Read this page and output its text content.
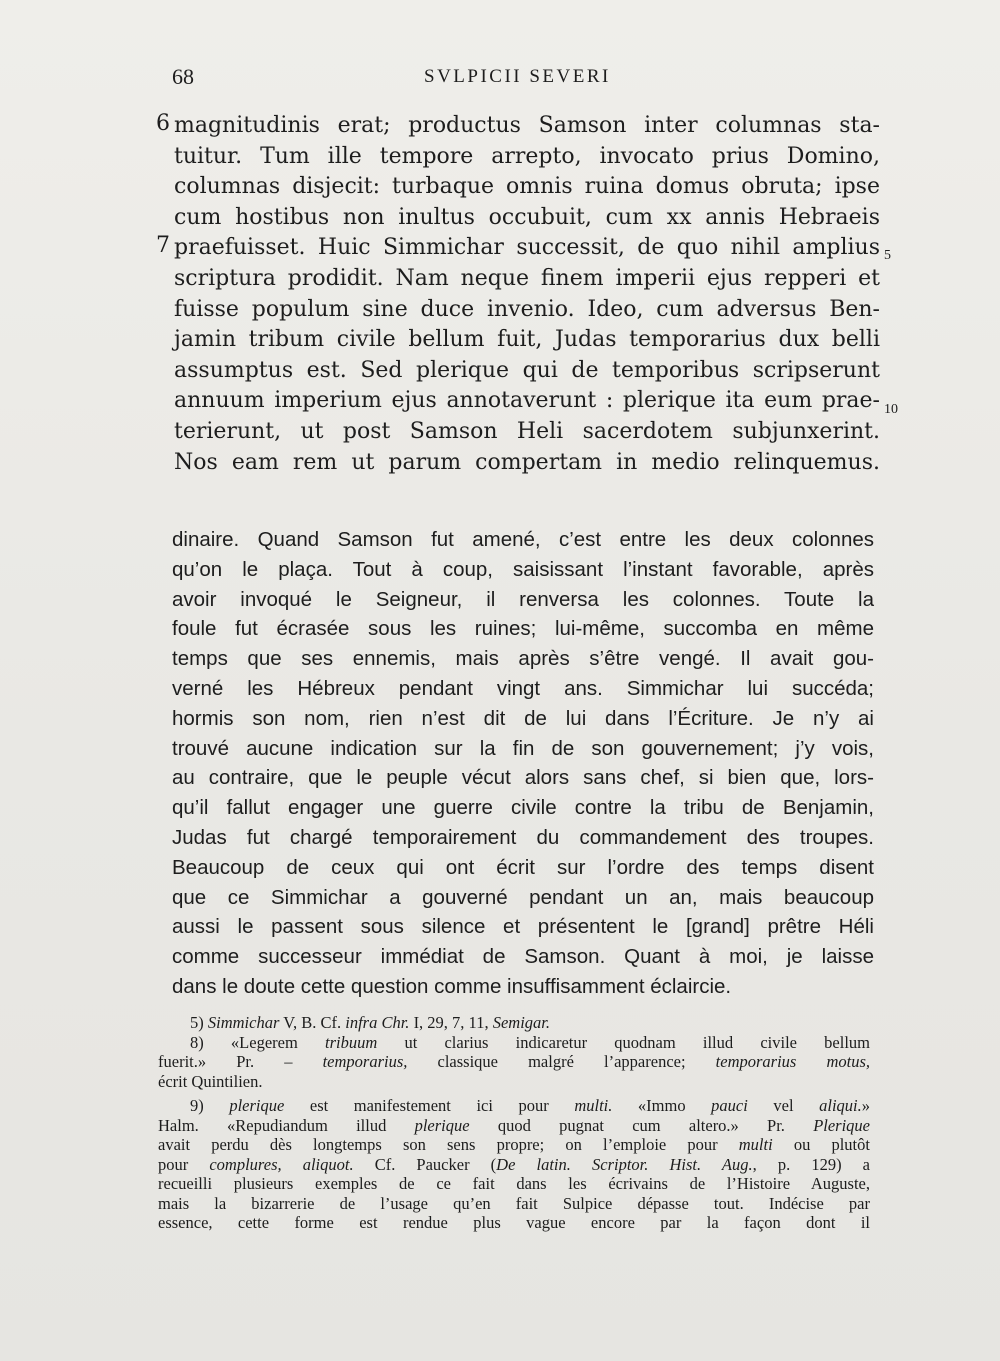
68	SVLPICII SEVERI
6
7	5
10
magnitudinis erat; productus Samson inter columnas sta-
tuitur. Tum ille tempore arrepto, invocato prius Domino,
columnas disjecit: turbaque omnis ruina domus obruta; ipse
cum hostibus non inultus occubuit, cum xx annis Hebraeis
praefuisset. Huic Simmichar successit, de quo nihil amplius
scriptura prodidit. Nam neque finem imperii ejus repperi et
fuisse populum sine duce invenio. Ideo, cum adversus Ben-
jamin tribum civile bellum fuit, Judas temporarius dux belli
assumptus est. Sed plerique qui de temporibus scripserunt
annuum imperium ejus annotaverunt : plerique ita eum prae-
terierunt, ut post Samson Heli sacerdotem subjunxerint.
Nos eam rem ut parum compertam in medio relinquemus.
dinaire. Quand Samson fut amené, c’est entre les deux colonnes
qu’on le plaça. Tout à coup, saisissant l’instant favorable, après
avoir invoqué le Seigneur, il renversa les colonnes. Toute la
foule fut écrasée sous les ruines; lui-même, succomba en même
temps que ses ennemis, mais après s’être vengé. Il avait gou-
verné les Hébreux pendant vingt ans. Simmichar lui succéda;
hormis son nom, rien n’est dit de lui dans l’Écriture. Je n’y ai
trouvé aucune indication sur la fin de son gouvernement; j’y vois,
au contraire, que le peuple vécut alors sans chef, si bien que, lors-
qu’il fallut engager une guerre civile contre la tribu de Benjamin,
Judas fut chargé temporairement du commandement des troupes.
Beaucoup de ceux qui ont écrit sur l’ordre des temps disent
que ce Simmichar a gouverné pendant un an, mais beaucoup
aussi le passent sous silence et présentent le [grand] prêtre Héli
comme successeur immédiat de Samson. Quant à moi, je laisse
dans le doute cette question comme insuffisamment éclaircie.
5) Simmichar V, B. Cf. infra Chr. I, 29, 7, 11, Semigar.
8) «Legerem tribuum ut clarius indicaretur quodnam illud civile bellum
fuerit.» Pr. – temporarius, classique malgré l’apparence; temporarius motus,
écrit Quintilien.
9) plerique est manifestement ici pour multi. «Immo pauci vel aliqui.»
Halm. «Repudiandum illud plerique quod pugnat cum altero.» Pr. Plerique
avait perdu dès longtemps son sens propre; on l’emploie pour multi ou plutôt
pour complures, aliquot. Cf. Paucker (De latin. Scriptor. Hist. Aug., p. 129) a
recueilli plusieurs exemples de ce fait dans les écrivains de l’Histoire Auguste,
mais la bizarrerie de l’usage qu’en fait Sulpice dépasse tout. Indécise par
essence, cette forme est rendue plus vague encore par la façon dont il
